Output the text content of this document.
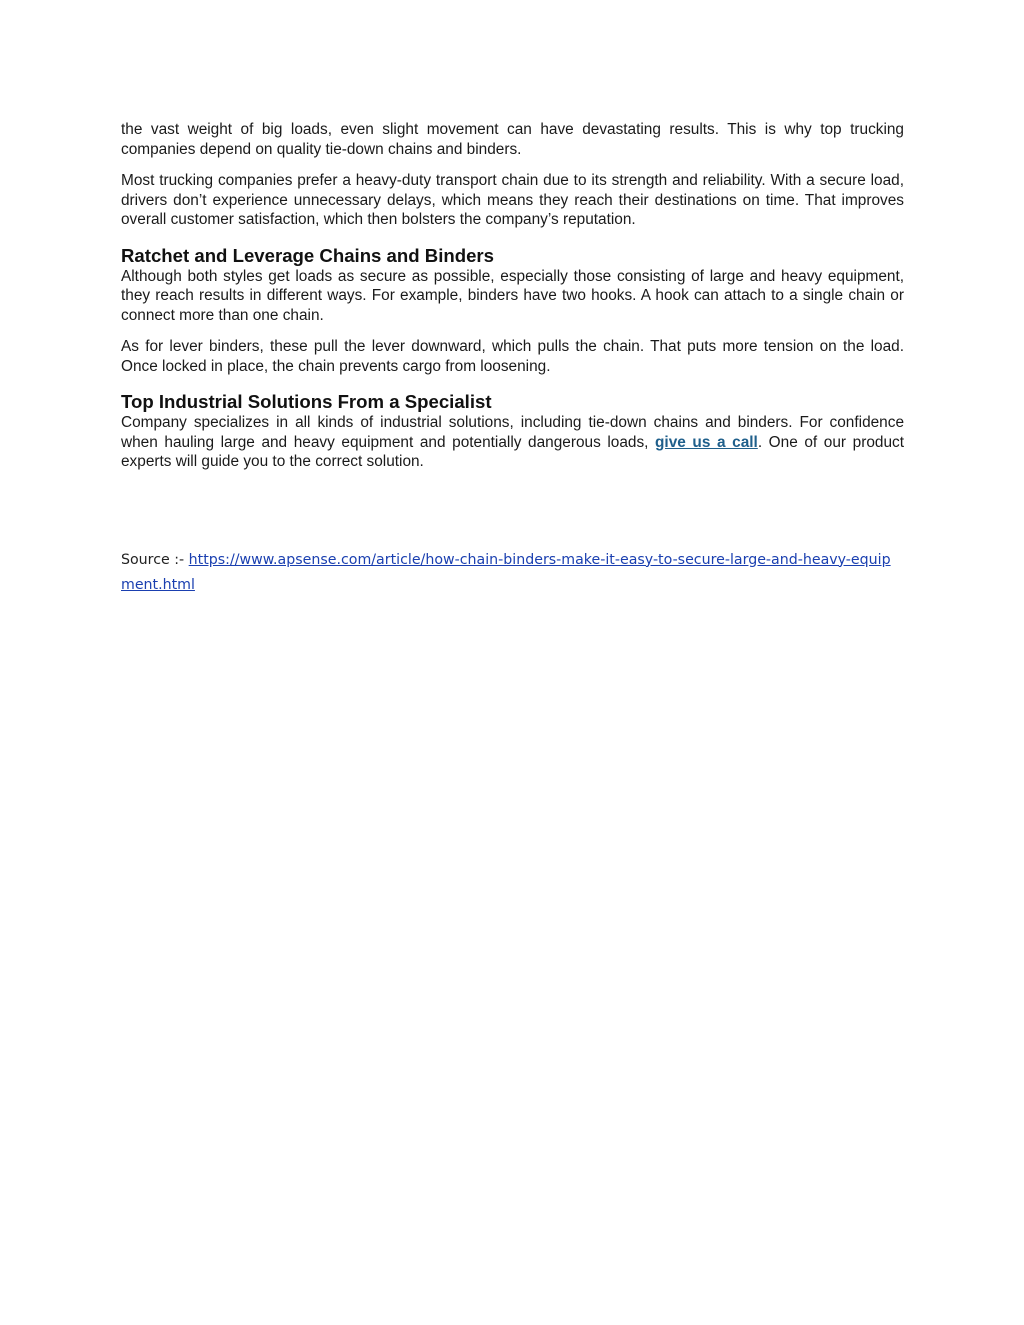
the vast weight of big loads, even slight movement can have devastating results. This is why top trucking companies depend on quality tie-down chains and binders.

Most trucking companies prefer a heavy-duty transport chain due to its strength and reliability. With a secure load, drivers don’t experience unnecessary delays, which means they reach their destinations on time. That improves overall customer satisfaction, which then bolsters the company’s reputation.

Ratchet and Leverage Chains and Binders

Although both styles get loads as secure as possible, especially those consisting of large and heavy equipment, they reach results in different ways. For example, binders have two hooks. A hook can attach to a single chain or connect more than one chain.

As for lever binders, these pull the lever downward, which pulls the chain. That puts more tension on the load. Once locked in place, the chain prevents cargo from loosening.

Top Industrial Solutions From a Specialist

Company specializes in all kinds of industrial solutions, including tie-down chains and binders. For confidence when hauling large and heavy equipment and potentially dangerous loads, give us a call. One of our product experts will guide you to the correct solution.

Source :- https://www.apsense.com/article/how-chain-binders-make-it-easy-to-secure-large-and-heavy-equipment.html
